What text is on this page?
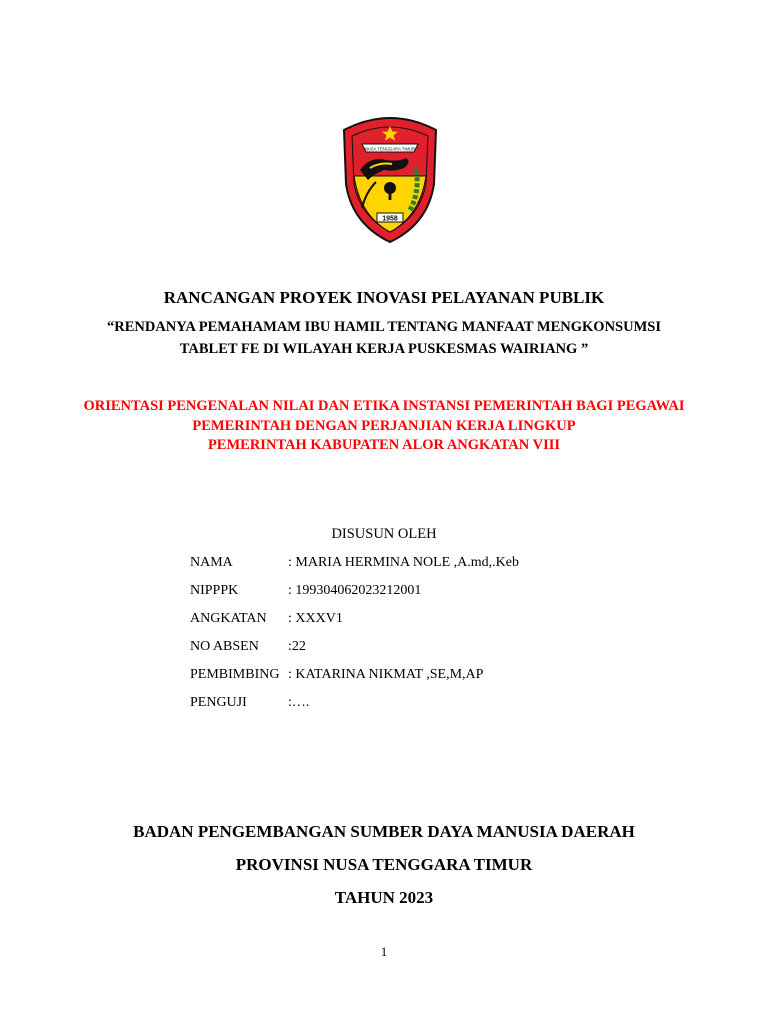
NUSA TENGGARA TIMUR
1958
RANCANGAN PROYEK INOVASI PELAYANAN PUBLIK
“RENDANYA PEMAHAMAM IBU HAMIL TENTANG MANFAAT MENGKONSUMSI
TABLET FE DI WILAYAH KERJA PUSKESMAS WAIRIANG ”
ORIENTASI PENGENALAN NILAI DAN ETIKA INSTANSI PEMERINTAH BAGI PEGAWAI
PEMERINTAH DENGAN PERJANJIAN KERJA LINGKUP
PEMERINTAH KABUPATEN ALOR ANGKATAN VIII
DISUSUN OLEH
NAMA	: MARIA HERMINA NOLE ,A.md,.Keb
NIPPPK	: 199304062023212001
ANGKATAN : XXXV1
NO ABSEN :22
PEMBIMBING : KATARINA NIKMAT ,SE,M,AP
PENGUJI	:….
BADAN PENGEMBANGAN SUMBER DAYA MANUSIA DAERAH
PROVINSI NUSA TENGGARA TIMUR
TAHUN 2023
1
